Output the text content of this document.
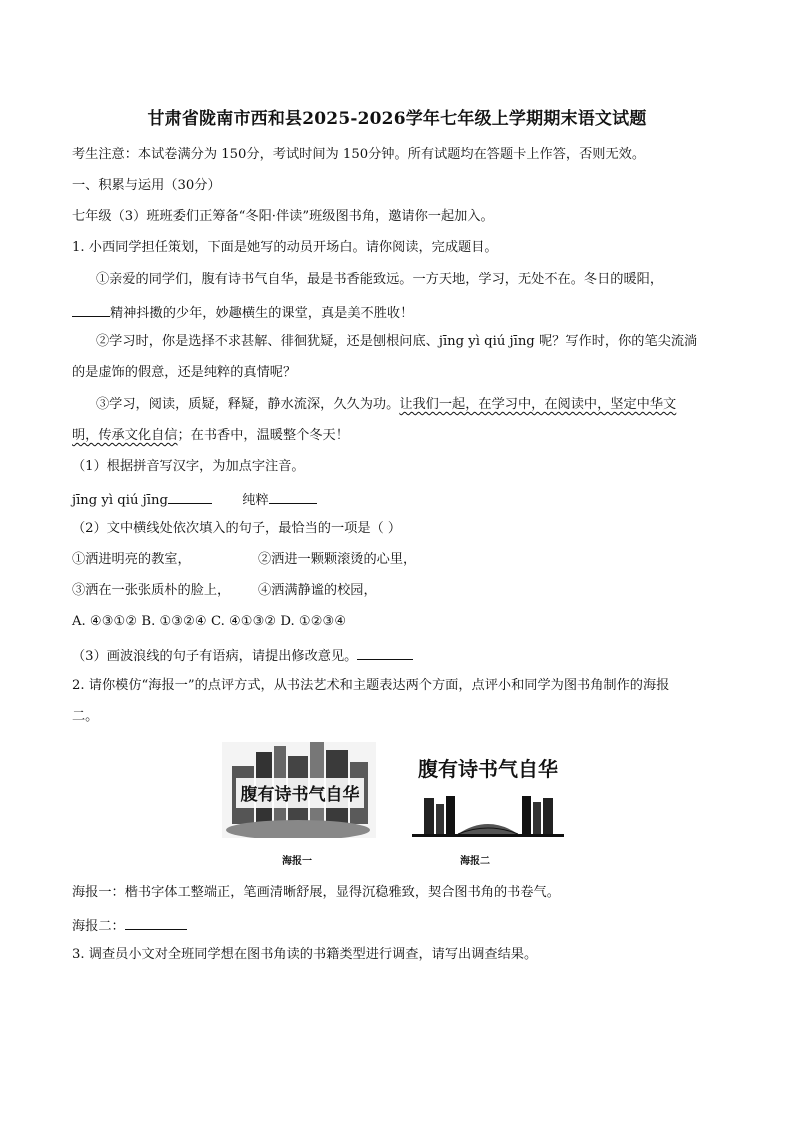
甘肃省陇南市西和县2025-2026学年七年级上学期期末语文试题
考生注意：本试卷满分为 150分，考试时间为 150分钟。所有试题均在答题卡上作答，否则无效。
一、积累与运用（30分）
七年级（3）班班委们正筹备“冬阳·伴读”班级图书角，邀请你一起加入。
1. 小西同学担任策划，下面是她写的动员开场白。请你阅读，完成题目。
①亲爱的同学们，腹有诗书气自华，最是书香能致远。一方天地，学习，无处不在。冬日的暖阳，
精神抖擞的少年，妙趣横生的课堂，真是美不胜收！
②学习时，你是选择不求甚解、徘徊犹疑，还是刨根问底、jīng yì qiú jīng 呢？写作时，你的笔尖流淌
的是虚饰的假意，还是纯粹的真情呢？
③学习，阅读，质疑，释疑，静水流深，久久为功。让我们一起，在学习中，在阅读中，坚定中华文
明，传承文化自信；在书香中，温暖整个冬天！
（1）根据拼音写汉字，为加点字注音。
jīng yì qiú jīng	纯粹
（2）文中横线处依次填入的句子，最恰当的一项是（ ）
①洒进明亮的教室，	②洒进一颗颗滚烫的心里，
③洒在一张张质朴的脸上， ④洒满静谧的校园，
A. ④③①② B. ①③②④ C. ④①③② D. ①②③④
（3）画波浪线的句子有语病，请提出修改意见。
2. 请你模仿“海报一”的点评方式，从书法艺术和主题表达两个方面，点评小和同学为图书角制作的海报
二。
腹有诗书气自华
海报一
腹有诗书气自华
海报二
海报一：楷书字体工整端正，笔画清晰舒展，显得沉稳雅致，契合图书角的书卷气。
海报二：
3. 调查员小文对全班同学想在图书角读的书籍类型进行调查，请写出调查结果。
